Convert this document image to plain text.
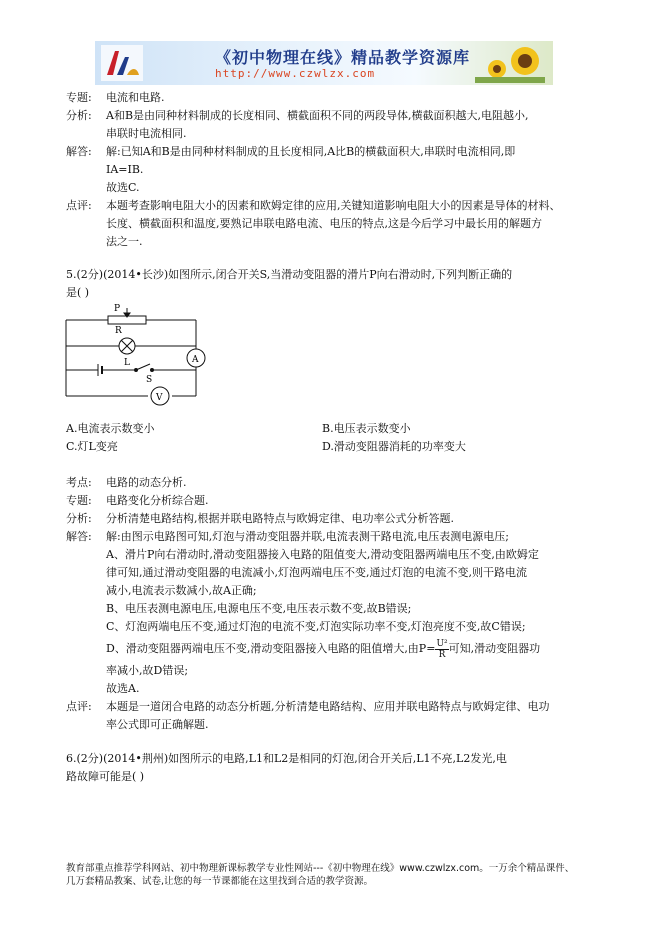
《初中物理在线》精品教学资源库
http://www.czwlzx.com
专题:	电流和电路.
分析:	A和B是由同种材料制成的长度相同、横截面积不同的两段导体,横截面积越大,电阻越小,

串联时电流相同.

解答:	解:已知A和B是由同种材料制成的且长度相同,A比B的横截面积大,串联时电流相同,即

IA=IB.

故选C.

点评:	本题考查影响电阻大小的因素和欧姆定律的应用,关键知道影响电阻大小的因素是导体的材料、

长度、横截面积和温度,要熟记串联电路电流、电压的特点,这是今后学习中最长用的解题方

法之一.

5.(2分)(2014•长沙)如图所示,闭合开关S,当滑动变阻器的滑片P向右滑动时,下列判断正确的

是( )

P
R
L
S
A
V
A.电流表示数变小	B.电压表示数变小
C.灯L变亮	D.滑动变阻器消耗的功率变大
考点:	电路的动态分析.
专题:	电路变化分析综合题.
分析:	分析清楚电路结构,根据并联电路特点与欧姆定律、电功率公式分析答题.
解答:	解:由图示电路图可知,灯泡与滑动变阻器并联,电流表测干路电流,电压表测电源电压;

A、滑片P向右滑动时,滑动变阻器接入电路的阻值变大,滑动变阻器两端电压不变,由欧姆定

律可知,通过滑动变阻器的电流减小,灯泡两端电压不变,通过灯泡的电流不变,则干路电流

减小,电流表示数减小,故A正确;

B、电压表测电源电压,电源电压不变,电压表示数不变,故B错误;

C、灯泡两端电压不变,通过灯泡的电流不变,灯泡实际功率不变,灯泡亮度不变,故C错误;

D、滑动变阻器两端电压不变,滑动变阻器接入电路的阻值增大,由$P= \frac{\text{U²}}{R}$ 可知,滑动变阻器功

率减小,故D错误;

故选A.

点评:	本题是一道闭合电路的动态分析题,分析清楚电路结构、应用并联电路特点与欧姆定律、电功

率公式即可正确解题.

6.(2分)(2014•荆州)如图所示的电路,L1和L2是相同的灯泡,闭合开关后,L1不亮,L2发光,电

路故障可能是( )

教育部重点推荐学科网站、初中物理新课标教学专业性网站---《初中物理在线》www.czwlzx.com。一万余个精品课件、
几万套精品教案、试卷,让您的每一节课都能在这里找到合适的教学资源。
